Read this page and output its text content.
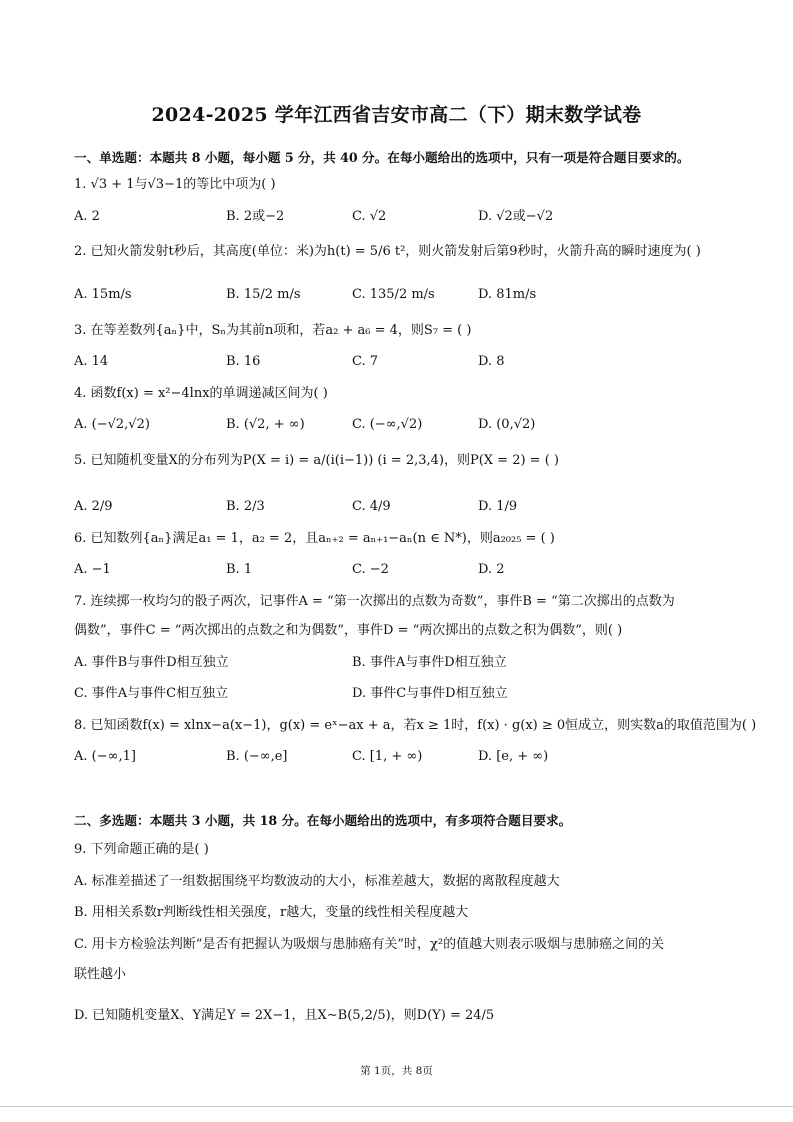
2024-2025 学年江西省吉安市高二（下）期末数学试卷
一、单选题：本题共 8 小题，每小题 5 分，共 40 分。在每小题给出的选项中，只有一项是符合题目要求的。
1. √3 + 1与√3−1的等比中项为( )
A. 2	B. 2或−2	C. √2	D. √2或−√2
2. 已知火箭发射t秒后，其高度(单位：米)为h(t) = 5/6 t²，则火箭发射后第9秒时，火箭升高的瞬时速度为( )
A. 15m/s	B. 15/2 m/s	C. 135/2 m/s	D. 81m/s
3. 在等差数列{aₙ}中，Sₙ为其前n项和，若a₂ + a₆ = 4，则S₇ = ( )
A. 14	B. 16	C. 7	D. 8
4. 函数f(x) = x²−4lnx的单调递减区间为( )
A. (−√2,√2)	B. (√2, + ∞)	C. (−∞,√2)	D. (0,√2)
5. 已知随机变量X的分布列为P(X = i) = a/(i(i−1)) (i = 2,3,4)，则P(X = 2) = ( )
A. 2/9	B. 2/3	C. 4/9	D. 1/9
6. 已知数列{aₙ}满足a₁ = 1，a₂ = 2，且aₙ₊₂ = aₙ₊₁−aₙ(n ∈ N*)，则a₂₀₂₅ = ( )
A. −1	B. 1	C. −2	D. 2
7. 连续掷一枚均匀的骰子两次，记事件A = “第一次掷出的点数为奇数”，事件B = “第二次掷出的点数为
偶数”，事件C = “两次掷出的点数之和为偶数”，事件D = “两次掷出的点数之积为偶数”，则( )
A. 事件B与事件D相互独立	B. 事件A与事件D相互独立
C. 事件A与事件C相互独立	D. 事件C与事件D相互独立
8. 已知函数f(x) = xlnx−a(x−1)，g(x) = eˣ−ax + a，若x ≥ 1时，f(x) · g(x) ≥ 0恒成立，则实数a的取值范围为( )
A. (−∞,1]	B. (−∞,e]	C. [1, + ∞)	D. [e, + ∞)
二、多选题：本题共 3 小题，共 18 分。在每小题给出的选项中，有多项符合题目要求。
9. 下列命题正确的是( )
A. 标准差描述了一组数据围绕平均数波动的大小，标准差越大，数据的离散程度越大
B. 用相关系数r判断线性相关强度，r越大，变量的线性相关程度越大
C. 用卡方检验法判断“是否有把握认为吸烟与患肺癌有关”时，χ²的值越大则表示吸烟与患肺癌之间的关
联性越小
D. 已知随机变量X、Y满足Y = 2X−1，且X∼B(5,2/5)，则D(Y) = 24/5
第 1页，共 8页
